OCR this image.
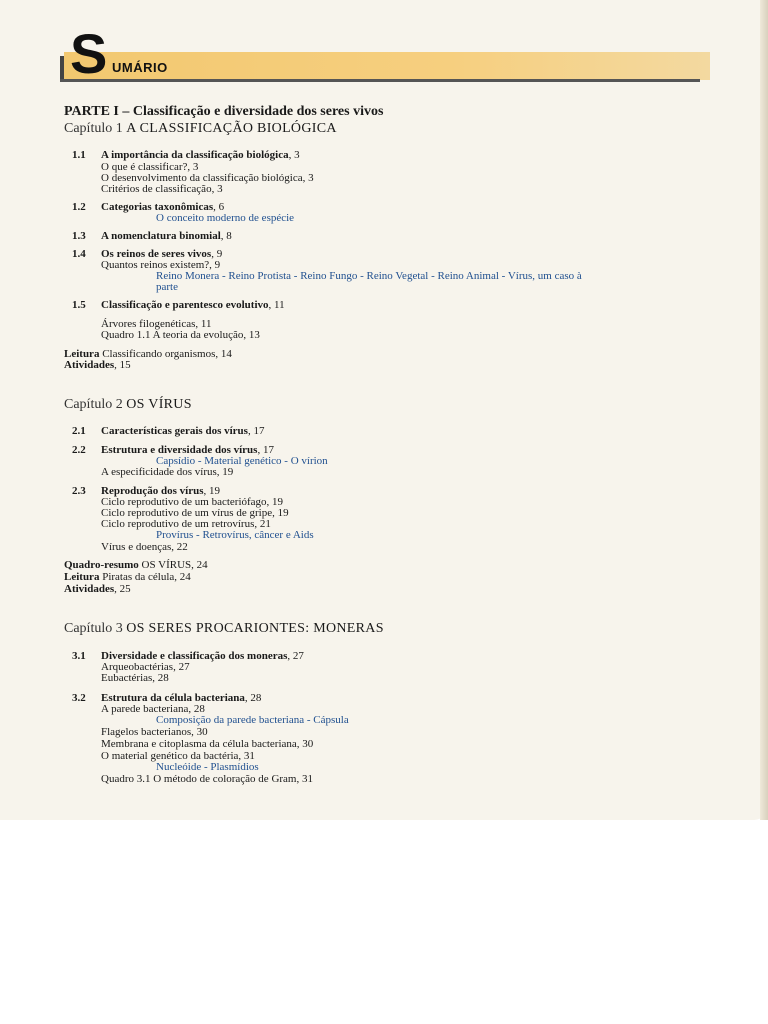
S UMÁRIO
PARTE I – Classificação e diversidade dos seres vivos
Capítulo 1 A CLASSIFICAÇÃO BIOLÓGICA
1.1 A importância da classificação biológica, 3
O que é classificar?, 3
O desenvolvimento da classificação biológica, 3
Critérios de classificação, 3
1.2 Categorias taxonômicas, 6
O conceito moderno de espécie
1.3 A nomenclatura binomial, 8
1.4 Os reinos de seres vivos, 9
Quantos reinos existem?, 9
Reino Monera - Reino Protista - Reino Fungo - Reino Vegetal - Reino Animal - Vírus, um caso à
parte
1.5 Classificação e parentesco evolutivo, 11
Árvores filogenéticas, 11
Quadro 1.1 A teoria da evolução, 13
Leitura Classificando organismos, 14
Atividades, 15
Capítulo 2 OS VÍRUS
2.1 Características gerais dos vírus, 17
2.2 Estrutura e diversidade dos vírus, 17
Capsídio - Material genético - O vírion
A especificidade dos vírus, 19
2.3 Reprodução dos vírus, 19
Ciclo reprodutivo de um bacteriófago, 19
Ciclo reprodutivo de um vírus de gripe, 19
Ciclo reprodutivo de um retrovírus, 21
Provírus - Retrovírus, câncer e Aids
Vírus e doenças, 22
Quadro-resumo OS VÍRUS, 24
Leitura Piratas da célula, 24
Atividades, 25
Capítulo 3 OS SERES PROCARIONTES: MONERAS
3.1 Diversidade e classificação dos moneras, 27
Arqueobactérias, 27
Eubactérias, 28
3.2 Estrutura da célula bacteriana, 28
A parede bacteriana, 28
Composição da parede bacteriana - Cápsula
Flagelos bacterianos, 30
Membrana e citoplasma da célula bacteriana, 30
O material genético da bactéria, 31
Nucleóide - Plasmídios
Quadro 3.1 O método de coloração de Gram, 31
